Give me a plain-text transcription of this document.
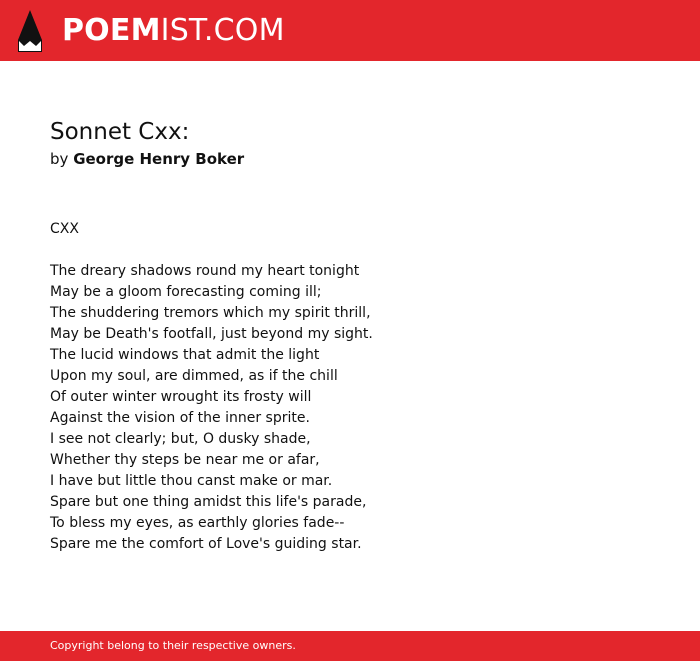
POEMIST.COM
Sonnet Cxx:
by George Henry Boker
CXX
The dreary shadows round my heart tonight
May be a gloom forecasting coming ill;
The shuddering tremors which my spirit thrill,
May be Death's footfall, just beyond my sight.
The lucid windows that admit the light
Upon my soul, are dimmed, as if the chill
Of outer winter wrought its frosty will
Against the vision of the inner sprite.
I see not clearly; but, O dusky shade,
Whether thy steps be near me or afar,
I have but little thou canst make or mar.
Spare but one thing amidst this life's parade,
To bless my eyes, as earthly glories fade--
Spare me the comfort of Love's guiding star.
Copyright belong to their respective owners.
